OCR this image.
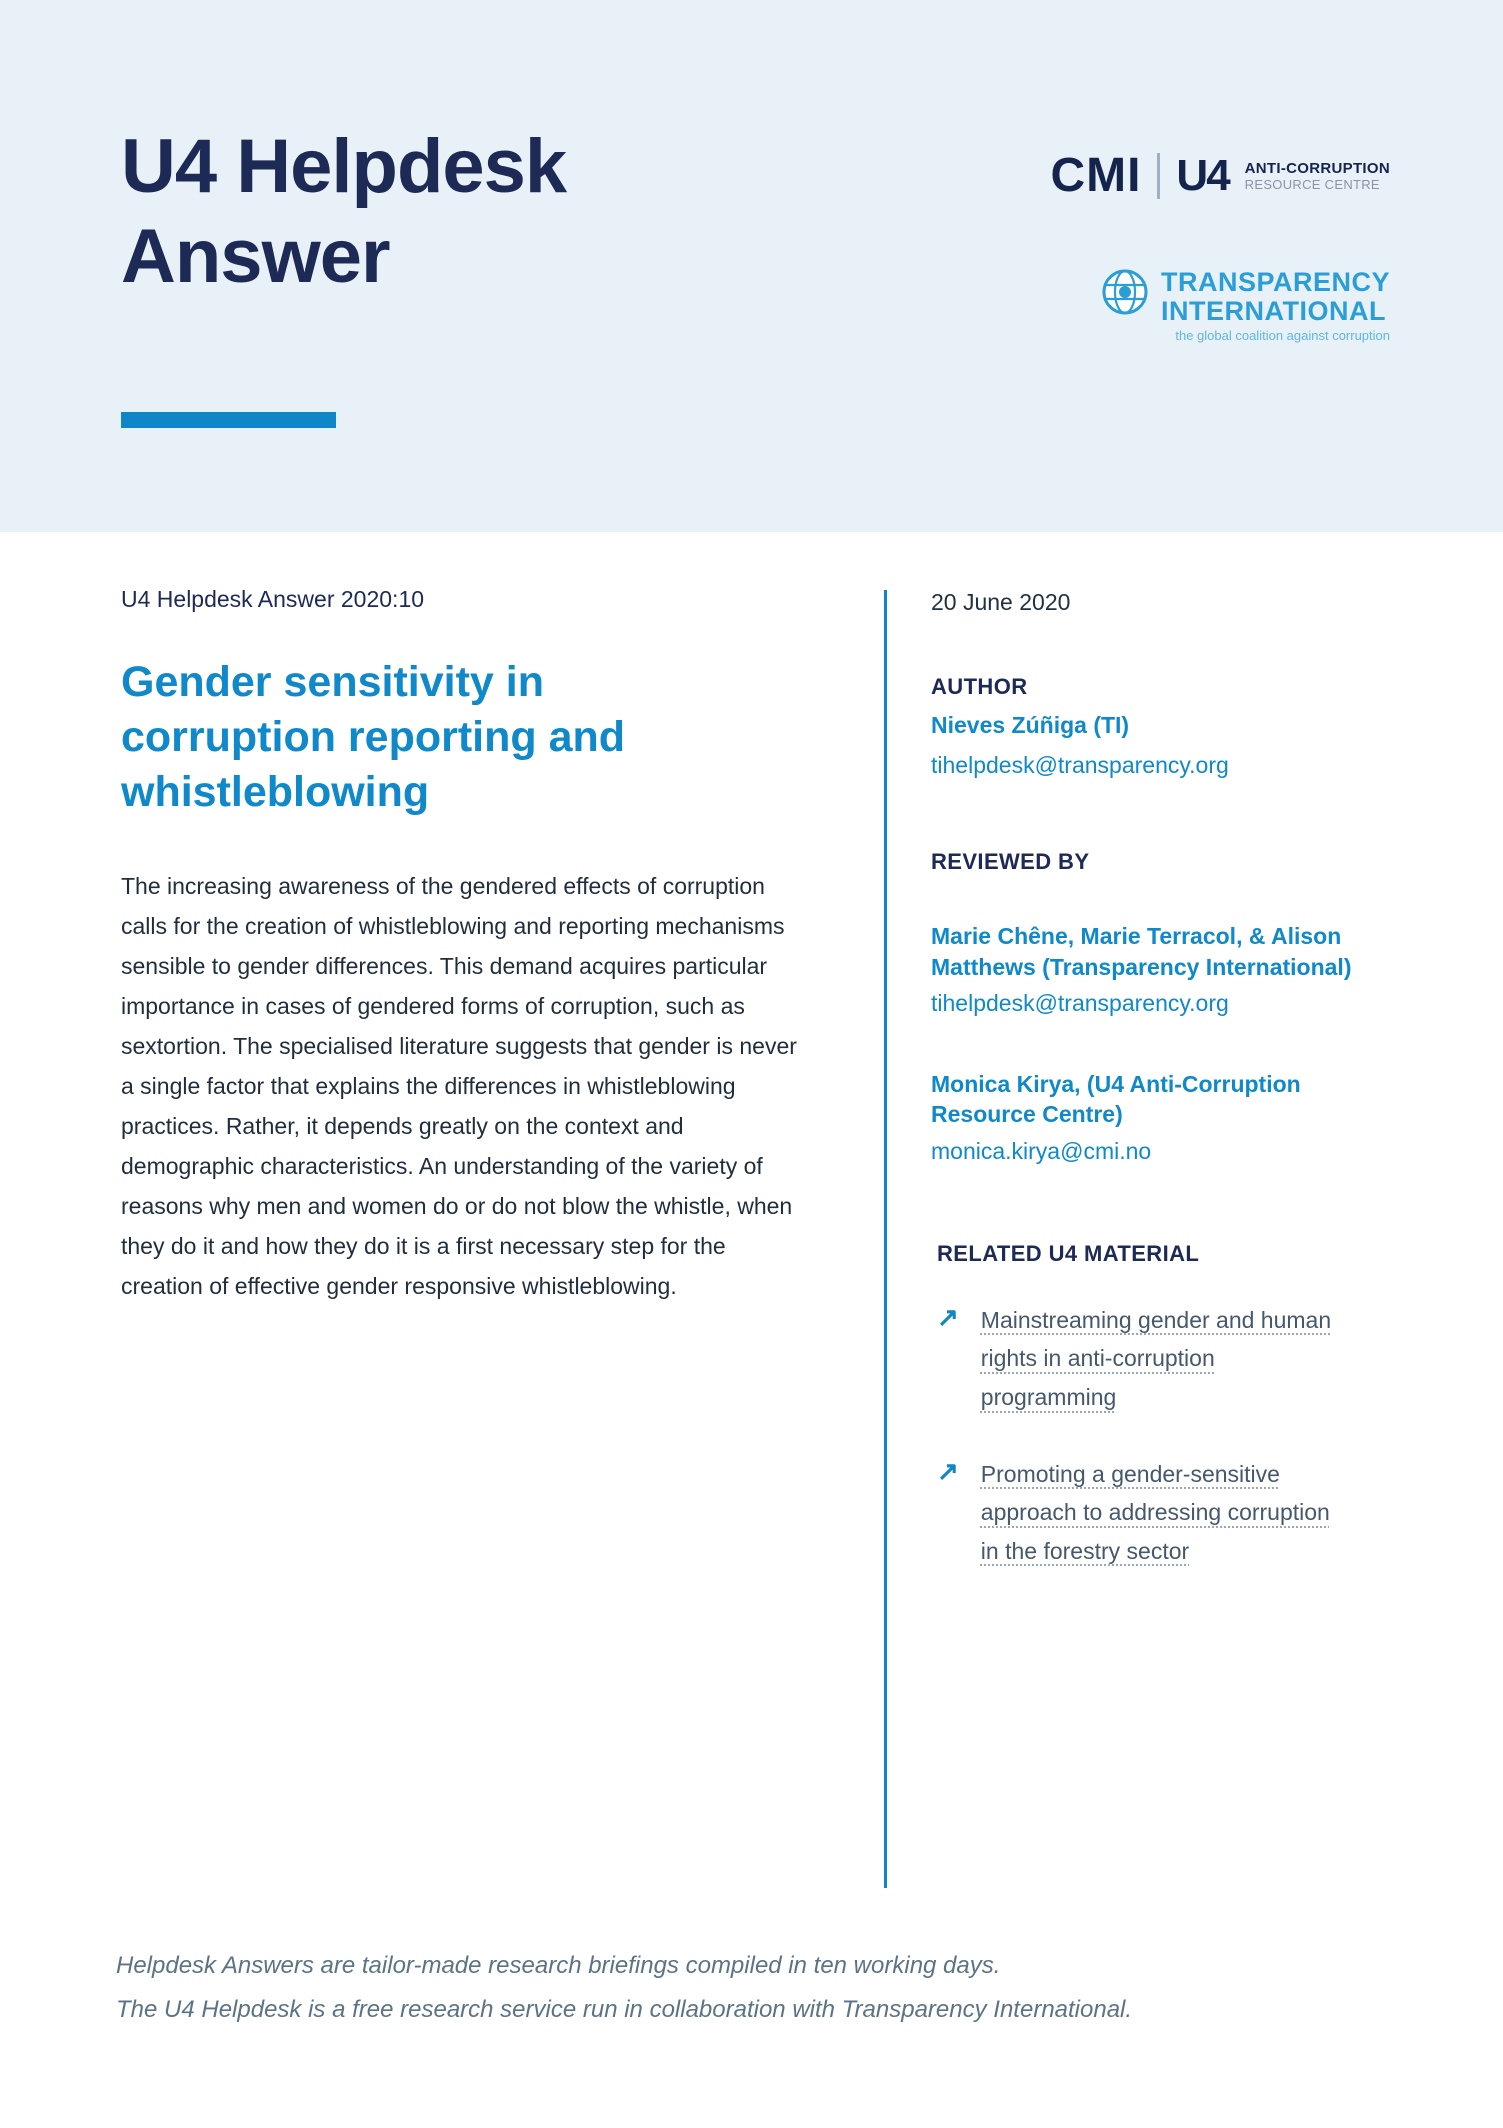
U4 Helpdesk
Answer
CMI U4 ANTI-CORRUPTION
RESOURCE CENTRE
TRANSPARENCY
INTERNATIONAL
the global coalition against corruption
U4 Helpdesk Answer 2020:10
Gender sensitivity in corruption reporting and whistleblowing

The increasing awareness of the gendered effects of corruption calls for the creation of whistleblowing and reporting mechanisms sensible to gender differences. This demand acquires particular importance in cases of gendered forms of corruption, such as sextortion. The specialised literature suggests that gender is never a single factor that explains the differences in whistleblowing practices. Rather, it depends greatly on the context and demographic characteristics. An understanding of the variety of reasons why men and women do or do not blow the whistle, when they do it and how they do it is a first necessary step for the creation of effective gender responsive whistleblowing.

20 June 2020
AUTHOR
Nieves Zúñiga (TI)
tihelpdesk@transparency.org
REVIEWED BY
Marie Chêne, Marie Terracol, & Alison Matthews (Transparency International)
tihelpdesk@transparency.org
Monica Kirya, (U4 Anti-Corruption Resource Centre)
monica.kirya@cmi.no
RELATED U4 MATERIAL
↗ Mainstreaming gender and human rights in anti-corruption programming
↗ Promoting a gender-sensitive approach to addressing corruption in the forestry sector
Helpdesk Answers are tailor-made research briefings compiled in ten working days.
The U4 Helpdesk is a free research service run in collaboration with Transparency International.
